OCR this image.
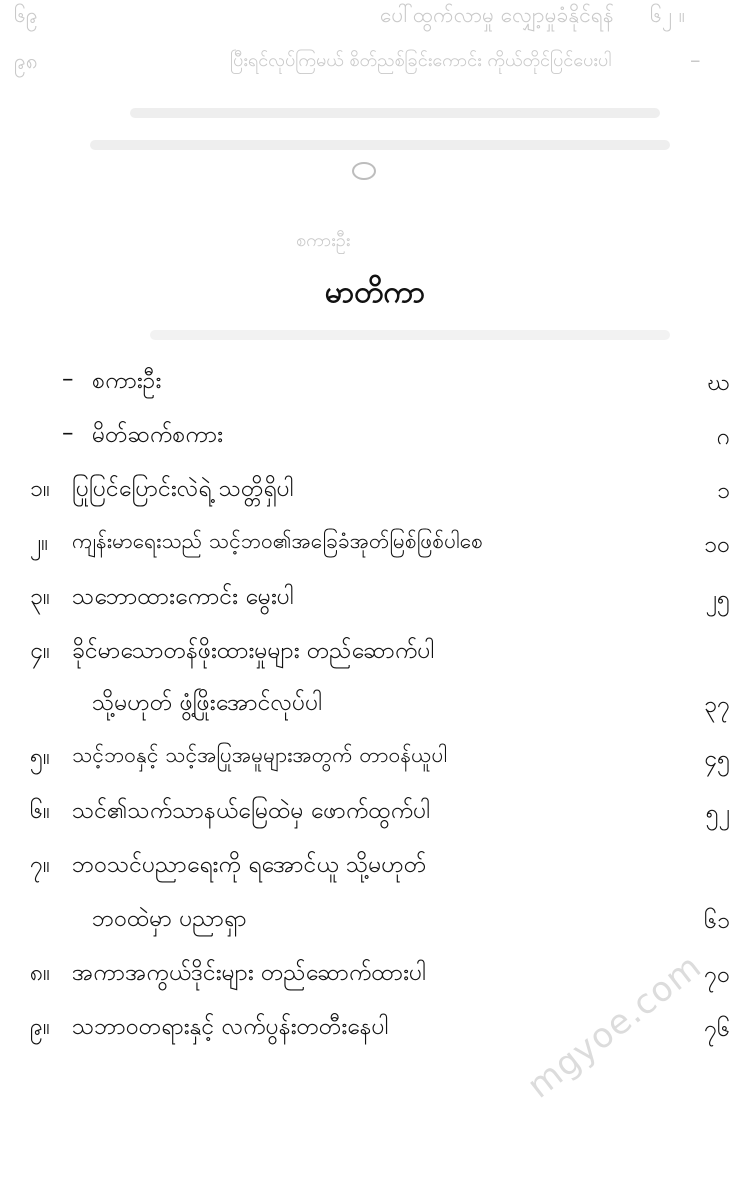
၆၉	ပေါ်ထွက်လာမှု လျှော့မှုခံနိုင်ရန် ၆၂ ။
၉၈	ပြီးရင်လုပ်ကြမယ် စိတ်ညစ်ခြင်းကောင်း ကိုယ်တိုင်ပြင်ပေးပါ	–
စကားဦး
မာတိကာ
– စကားဦး	ဃ
– မိတ်ဆက်စကား	ဂ
၁။ ပြုပြင်ပြောင်းလဲရဲ့ သတ္တိရှိပါ	၁
၂။ ကျန်းမာရေးသည် သင့်ဘဝ၏အခြေခံအုတ်မြစ်ဖြစ်ပါစေ	၁၀
၃။ သဘောထားကောင်း မွေးပါ	၂၅
၄။ ခိုင်မာသောတန်ဖိုးထားမှုများ တည်ဆောက်ပါ
သို့မဟုတ် ဖွံ့ဖြိုးအောင်လုပ်ပါ	၃၇
၅။ သင့်ဘဝနှင့် သင့်အပြုအမူများအတွက် တာဝန်ယူပါ	၄၅
၆။ သင်၏သက်သာနယ်မြေထဲမှ ဖောက်ထွက်ပါ	၅၂
၇။ ဘဝသင်ပညာရေးကို ရအောင်ယူ သို့မဟုတ်
ဘဝထဲမှာ ပညာရှာ	၆၁
၈။ အကာအကွယ်ဒိုင်းများ တည်ဆောက်ထားပါ	၇၀
၉။ သဘာဝတရားနှင့် လက်ပွန်းတတီးနေပါ	၇၆
mgyoe.com
